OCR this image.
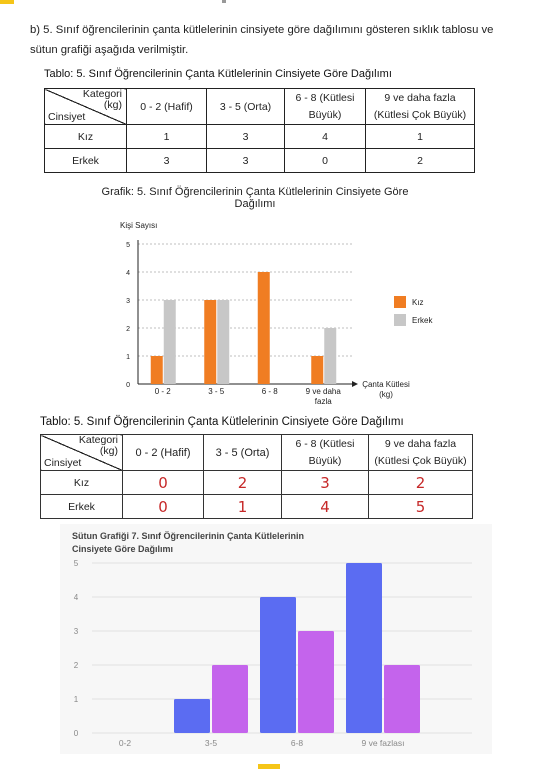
b) 5. Sınıf öğrencilerinin çanta kütlelerinin cinsiyete göre dağılımını gösteren sıklık tablosu ve sütun grafiği aşağıda verilmiştir.

Tablo: 5. Sınıf Öğrencilerinin Çanta Kütlelerinin Cinsiyete Göre Dağılımı
Kategori
(kg)
Cinsiyet	0 - 2 (Hafif)	3 - 5 (Orta)	6 - 8 (Kütlesi Büyük)	9 ve daha fazla (Kütlesi Çok Büyük)
Kız	1	3	4	1
Erkek	3	3	0	2
Grafik: 5. Sınıf Öğrencilerinin Çanta Kütlelerinin Cinsiyete Göre Dağılımı
Kişi Sayısı
0
1
2
3
4
5
0 - 2	3 - 5	6 - 8	9 ve daha
fazla
Çanta Kütlesi
(kg)
Kız
Erkek
Tablo: 5. Sınıf Öğrencilerinin Çanta Kütlelerinin Cinsiyete Göre Dağılımı
Kategori
(kg)
Cinsiyet	0 - 2 (Hafif)	3 - 5 (Orta)	6 - 8 (Kütlesi Büyük)	9 ve daha fazla (Kütlesi Çok Büyük)
Kız	0	2	3	2
Erkek	0	1	4	5
Sütun Grafiği 7. Sınıf Öğrencilerinin Çanta Kütlelerinin Cinsiyete Göre Dağılımı
0
1
2
3
4
5
0-2	3-5	6-8	9 ve fazlası
